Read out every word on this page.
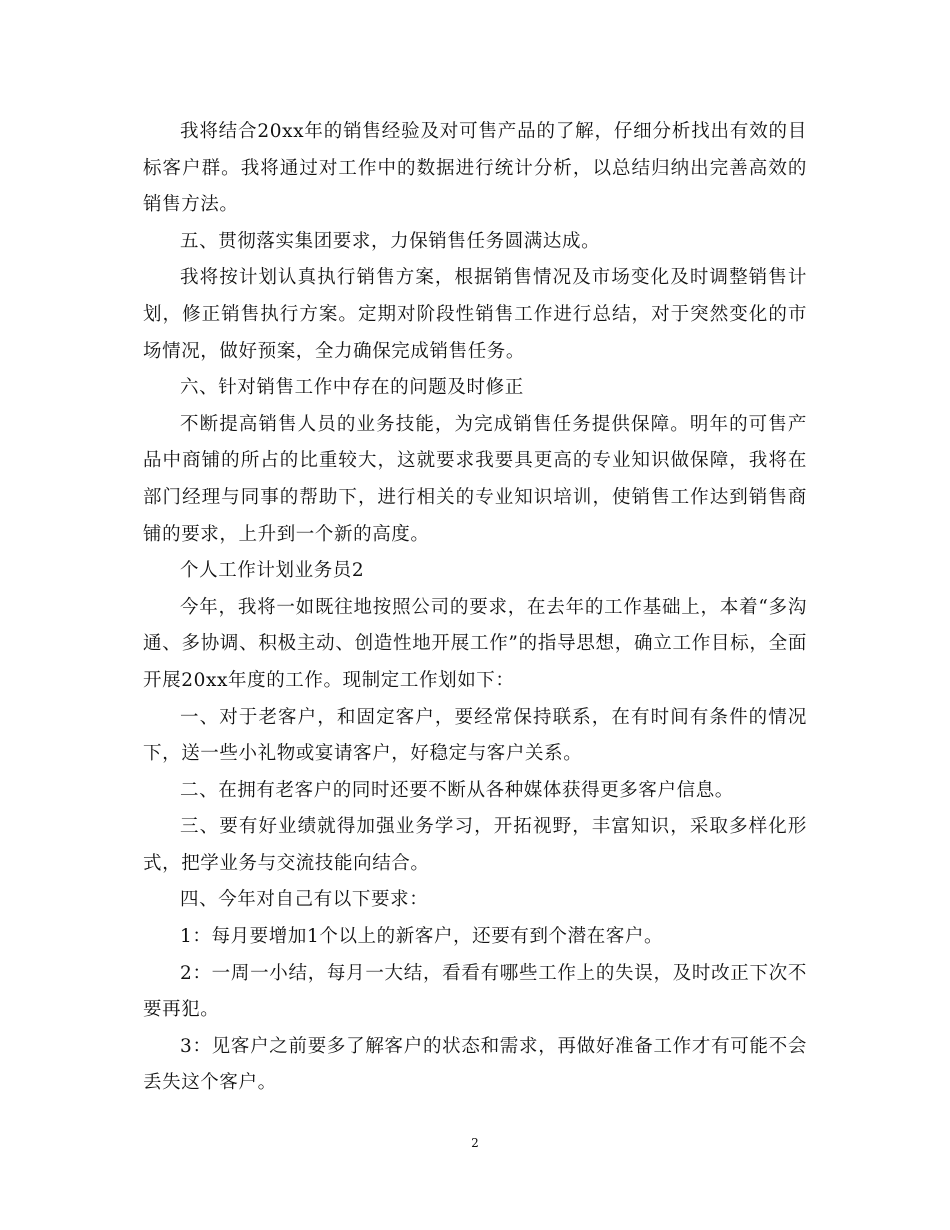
我将结合20xx年的销售经验及对可售产品的了解，仔细分析找出有效的目标客户群。我将通过对工作中的数据进行统计分析，以总结归纳出完善高效的销售方法。

五、贯彻落实集团要求，力保销售任务圆满达成。

我将按计划认真执行销售方案，根据销售情况及市场变化及时调整销售计划，修正销售执行方案。定期对阶段性销售工作进行总结，对于突然变化的市场情况，做好预案，全力确保完成销售任务。

六、针对销售工作中存在的问题及时修正

不断提高销售人员的业务技能，为完成销售任务提供保障。明年的可售产品中商铺的所占的比重较大，这就要求我要具更高的专业知识做保障，我将在部门经理与同事的帮助下，进行相关的专业知识培训，使销售工作达到销售商铺的要求，上升到一个新的高度。

个人工作计划业务员2

今年，我将一如既往地按照公司的要求，在去年的工作基础上，本着“多沟通、多协调、积极主动、创造性地开展工作”的指导思想，确立工作目标，全面开展20xx年度的工作。现制定工作划如下：

一、对于老客户，和固定客户，要经常保持联系，在有时间有条件的情况下，送一些小礼物或宴请客户，好稳定与客户关系。

二、在拥有老客户的同时还要不断从各种媒体获得更多客户信息。

三、要有好业绩就得加强业务学习，开拓视野，丰富知识，采取多样化形式，把学业务与交流技能向结合。

四、今年对自己有以下要求：

1：每月要增加1个以上的新客户，还要有到个潜在客户。

2：一周一小结，每月一大结，看看有哪些工作上的失误，及时改正下次不要再犯。

3：见客户之前要多了解客户的状态和需求，再做好准备工作才有可能不会丢失这个客户。

2
